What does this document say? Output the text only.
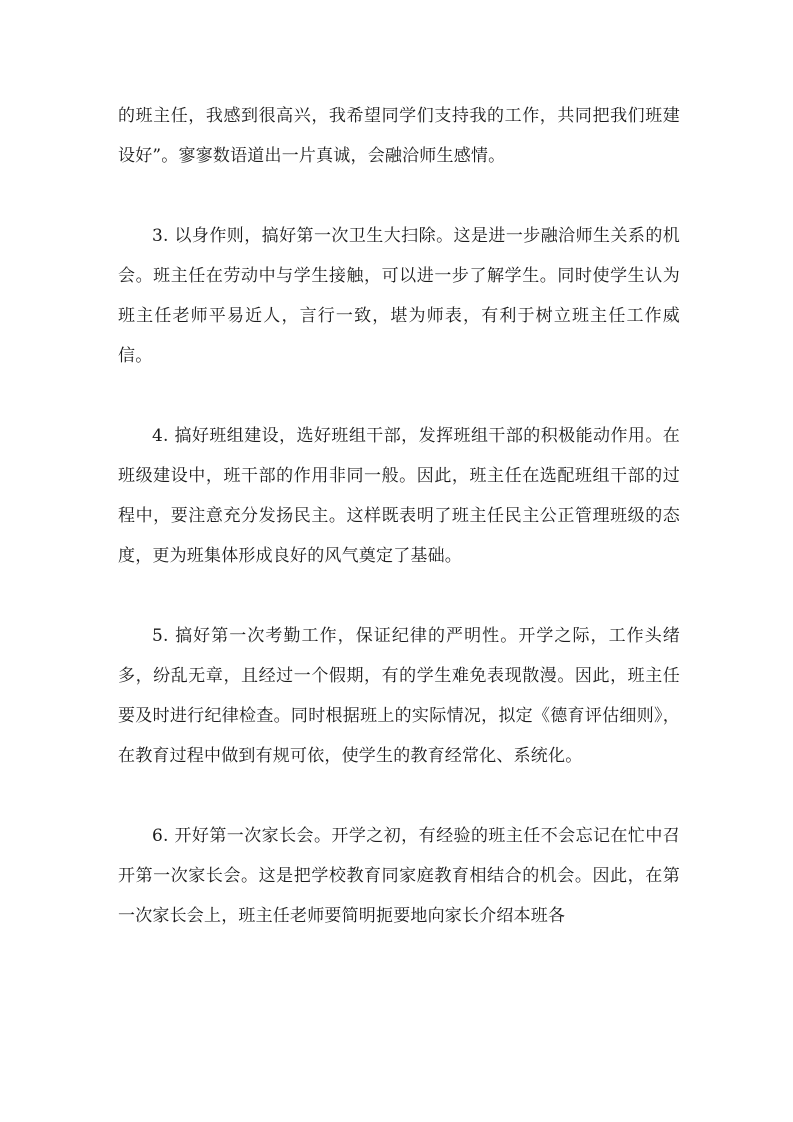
的班主任，我感到很高兴，我希望同学们支持我的工作，共同把我们班建设好”。寥寥数语道出一片真诚，会融洽师生感情。

3. 以身作则，搞好第一次卫生大扫除。这是进一步融洽师生关系的机会。班主任在劳动中与学生接触，可以进一步了解学生。同时使学生认为班主任老师平易近人，言行一致，堪为师表，有利于树立班主任工作威信。

4. 搞好班组建设，选好班组干部，发挥班组干部的积极能动作用。在班级建设中，班干部的作用非同一般。因此，班主任在选配班组干部的过程中，要注意充分发扬民主。这样既表明了班主任民主公正管理班级的态度，更为班集体形成良好的风气奠定了基础。

5. 搞好第一次考勤工作，保证纪律的严明性。开学之际，工作头绪多，纷乱无章，且经过一个假期，有的学生难免表现散漫。因此，班主任要及时进行纪律检查。同时根据班上的实际情况，拟定《德育评估细则》，在教育过程中做到有规可依，使学生的教育经常化、系统化。

6. 开好第一次家长会。开学之初，有经验的班主任不会忘记在忙中召开第一次家长会。这是把学校教育同家庭教育相结合的机会。因此，在第一次家长会上，班主任老师要简明扼要地向家长介绍本班各
